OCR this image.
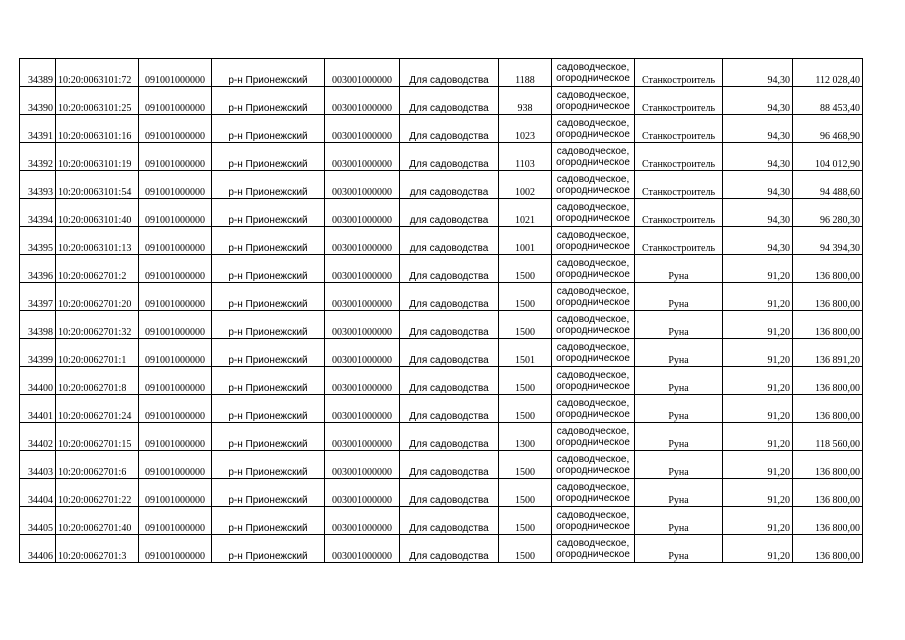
34389	10:20:0063101:72	091001000000	р-н Прионежский	003001000000	Для садоводства	1188	садоводческое,
огородническое	Станкостроитель	94,30	112 028,40
34390	10:20:0063101:25	091001000000	р-н Прионежский	003001000000	Для садоводства	938	садоводческое,
огородническое	Станкостроитель	94,30	88 453,40
34391	10:20:0063101:16	091001000000	р-н Прионежский	003001000000	Для садоводства	1023	садоводческое,
огородническое	Станкостроитель	94,30	96 468,90
34392	10:20:0063101:19	091001000000	р-н Прионежский	003001000000	Для садоводства	1103	садоводческое,
огородническое	Станкостроитель	94,30	104 012,90
34393	10:20:0063101:54	091001000000	р-н Прионежский	003001000000	для садоводства	1002	садоводческое,
огородническое	Станкостроитель	94,30	94 488,60
34394	10:20:0063101:40	091001000000	р-н Прионежский	003001000000	для садоводства	1021	садоводческое,
огородническое	Станкостроитель	94,30	96 280,30
34395	10:20:0063101:13	091001000000	р-н Прионежский	003001000000	для садоводства	1001	садоводческое,
огородническое	Станкостроитель	94,30	94 394,30
34396	10:20:0062701:2	091001000000	р-н Прионежский	003001000000	Для садоводства	1500	садоводческое,
огородническое	Руна	91,20	136 800,00
34397	10:20:0062701:20	091001000000	р-н Прионежский	003001000000	Для садоводства	1500	садоводческое,
огородническое	Руна	91,20	136 800,00
34398	10:20:0062701:32	091001000000	р-н Прионежский	003001000000	Для садоводства	1500	садоводческое,
огородническое	Руна	91,20	136 800,00
34399	10:20:0062701:1	091001000000	р-н Прионежский	003001000000	Для садоводства	1501	садоводческое,
огородническое	Руна	91,20	136 891,20
34400	10:20:0062701:8	091001000000	р-н Прионежский	003001000000	Для садоводства	1500	садоводческое,
огородническое	Руна	91,20	136 800,00
34401	10:20:0062701:24	091001000000	р-н Прионежский	003001000000	Для садоводства	1500	садоводческое,
огородническое	Руна	91,20	136 800,00
34402	10:20:0062701:15	091001000000	р-н Прионежский	003001000000	Для садоводства	1300	садоводческое,
огородническое	Руна	91,20	118 560,00
34403	10:20:0062701:6	091001000000	р-н Прионежский	003001000000	Для садоводства	1500	садоводческое,
огородническое	Руна	91,20	136 800,00
34404	10:20:0062701:22	091001000000	р-н Прионежский	003001000000	Для садоводства	1500	садоводческое,
огородническое	Руна	91,20	136 800,00
34405	10:20:0062701:40	091001000000	р-н Прионежский	003001000000	Для садоводства	1500	садоводческое,
огородническое	Руна	91,20	136 800,00
34406	10:20:0062701:3	091001000000	р-н Прионежский	003001000000	Для садоводства	1500	садоводческое,
огородническое	Руна	91,20	136 800,00
